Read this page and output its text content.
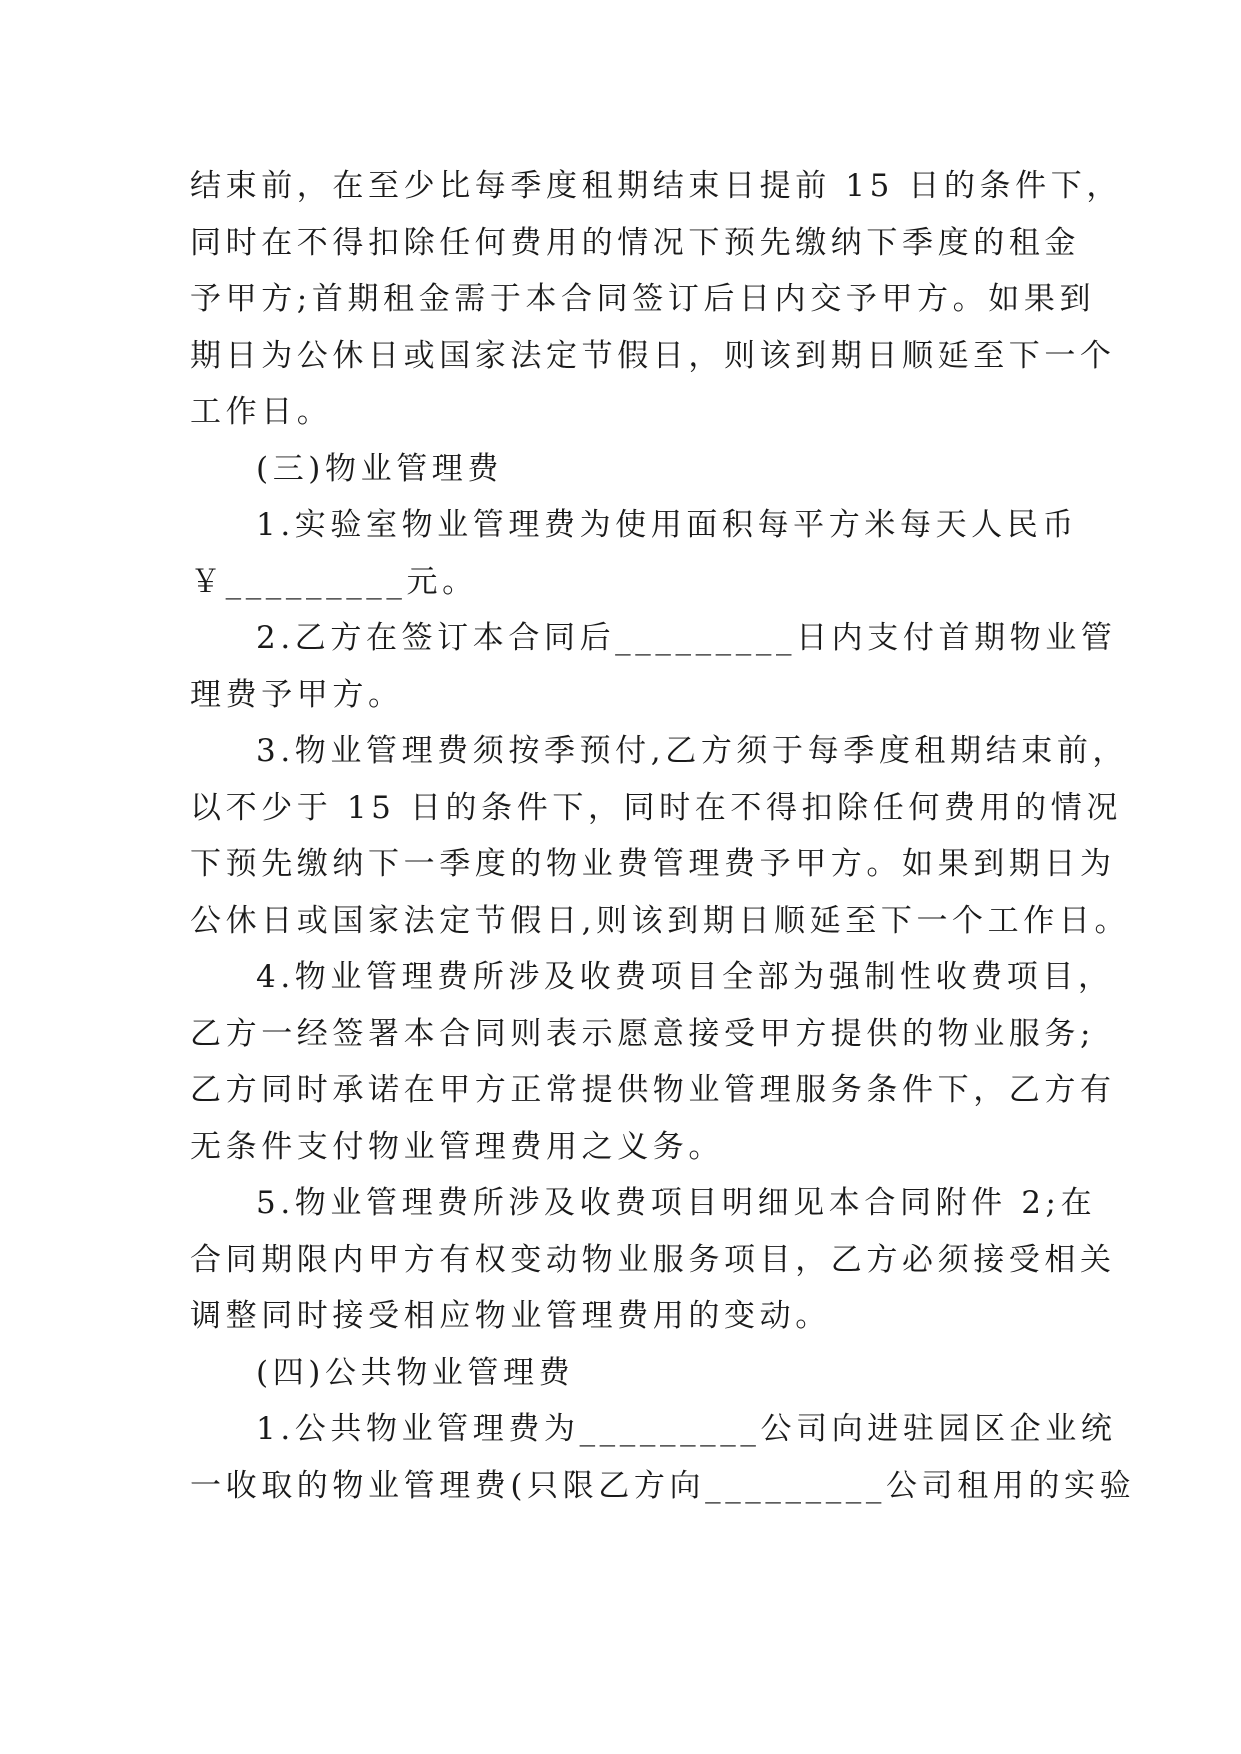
结束前，在至少比每季度租期结束日提前 15 日的条件下，
同时在不得扣除任何费用的情况下预先缴纳下季度的租金
予甲方;首期租金需于本合同签订后日内交予甲方。如果到
期日为公休日或国家法定节假日，则该到期日顺延至下一个
工作日。
(三)物业管理费
1.实验室物业管理费为使用面积每平方米每天人民币
￥_________元。
2.乙方在签订本合同后_________日内支付首期物业管
理费予甲方。
3.物业管理费须按季预付,乙方须于每季度租期结束前，
以不少于 15 日的条件下，同时在不得扣除任何费用的情况
下预先缴纳下一季度的物业费管理费予甲方。如果到期日为
公休日或国家法定节假日,则该到期日顺延至下一个工作日。
4.物业管理费所涉及收费项目全部为强制性收费项目，
乙方一经签署本合同则表示愿意接受甲方提供的物业服务;
乙方同时承诺在甲方正常提供物业管理服务条件下，乙方有
无条件支付物业管理费用之义务。
5.物业管理费所涉及收费项目明细见本合同附件 2;在
合同期限内甲方有权变动物业服务项目，乙方必须接受相关
调整同时接受相应物业管理费用的变动。
(四)公共物业管理费
1.公共物业管理费为_________公司向进驻园区企业统
一收取的物业管理费(只限乙方向_________公司租用的实验
